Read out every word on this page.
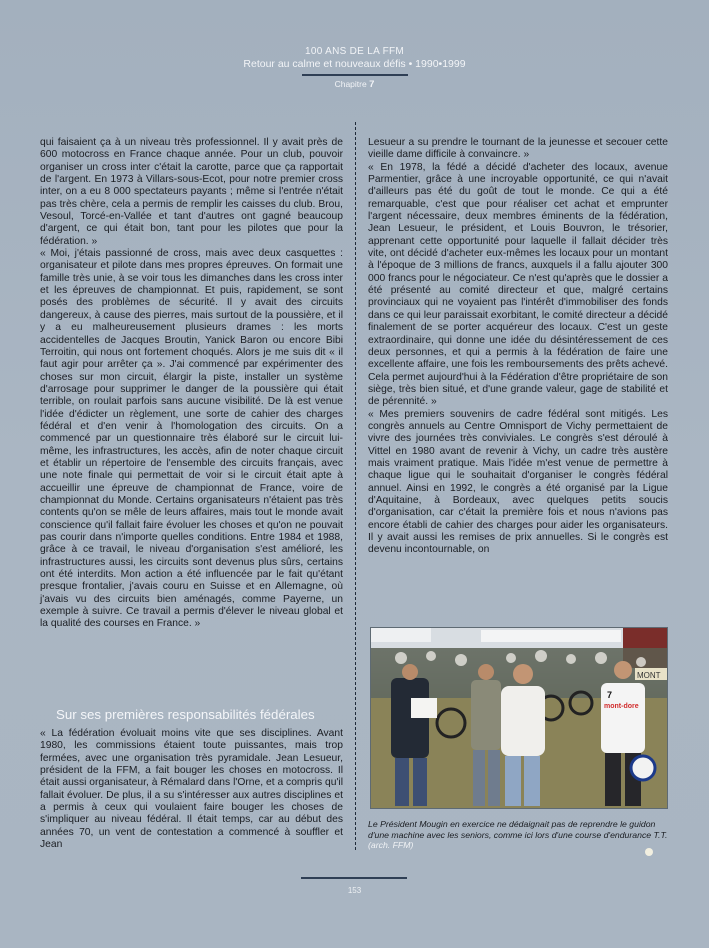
100 ANS DE LA FFM
Retour au calme et nouveaux défis • 1990•1999
Chapitre 7

qui faisaient ça à un niveau très professionnel. Il y avait près de 600 motocross en France chaque année. Pour un club, pouvoir organiser un cross inter c'était la carotte, parce que ça rapportait de l'argent. En 1973 à Villars-sous-Ecot, pour notre premier cross inter, on a eu 8 000 spectateurs payants ; même si l'entrée n'était pas très chère, cela a permis de remplir les caisses du club. Brou, Vesoul, Torcé-en-Vallée et tant d'autres ont gagné beaucoup d'argent, ce qui était bon, tant pour les pilotes que pour la fédération. »

« Moi, j'étais passionné de cross, mais avec deux casquettes : organisateur et pilote dans mes propres épreuves. On formait une famille très unie, à se voir tous les dimanches dans les cross inter et les épreuves de championnat. Et puis, rapidement, se sont posés des problèmes de sécurité. Il y avait des circuits dangereux, à cause des pierres, mais surtout de la poussière, et il y a eu malheureusement plusieurs drames : les morts accidentelles de Jacques Broutin, Yanick Baron ou encore Bibi Terroitin, qui nous ont fortement choqués. Alors je me suis dit « il faut agir pour arrêter ça ». J'ai commencé par expérimenter des choses sur mon circuit, élargir la piste, installer un système d'arrosage pour supprimer le danger de la poussière qui était terrible, on roulait parfois sans aucune visibilité. De là est venue l'idée d'édicter un règlement, une sorte de cahier des charges fédéral et d'en venir à l'homologation des circuits. On a commencé par un questionnaire très élaboré sur le circuit lui-même, les infrastructures, les accès, afin de noter chaque circuit et établir un répertoire de l'ensemble des circuits français, avec une note finale qui permettait de voir si le circuit était apte à accueillir une épreuve de championnat de France, voire de championnat du Monde. Certains organisateurs n'étaient pas très contents qu'on se mêle de leurs affaires, mais tout le monde avait conscience qu'il fallait faire évoluer les choses et qu'on ne pouvait pas courir dans n'importe quelles conditions. Entre 1984 et 1988, grâce à ce travail, le niveau d'organisation s'est amélioré, les infrastructures aussi, les circuits sont devenus plus sûrs, certains ont été interdits. Mon action a été influencée par le fait qu'étant presque frontalier, j'avais couru en Suisse et en Allemagne, où j'avais vu des circuits bien aménagés, comme Payerne, un exemple à suivre. Ce travail a permis d'élever le niveau global et la qualité des courses en France. »

Sur ses premières responsabilités fédérales

« La fédération évoluait moins vite que ses disciplines. Avant 1980, les commissions étaient toute puissantes, mais trop fermées, avec une organisation très pyramidale. Jean Lesueur, président de la FFM, a fait bouger les choses en motocross. Il était aussi organisateur, à Rémalard dans l'Orne, et a compris qu'il fallait évoluer. De plus, il a su s'intéresser aux autres disciplines et a permis à ceux qui voulaient faire bouger les choses de s'impliquer au niveau fédéral. Il était temps, car au début des années 70, un vent de contestation a commencé à souffler et Jean

Lesueur a su prendre le tournant de la jeunesse et secouer cette vieille dame difficile à convaincre. »

« En 1978, la fédé a décidé d'acheter des locaux, avenue Parmentier, grâce à une incroyable opportunité, ce qui n'avait d'ailleurs pas été du goût de tout le monde. Ce qui a été remarquable, c'est que pour réaliser cet achat et emprunter l'argent nécessaire, deux membres éminents de la fédération, Jean Lesueur, le président, et Louis Bouvron, le trésorier, apprenant cette opportunité pour laquelle il fallait décider très vite, ont décidé d'acheter eux-mêmes les locaux pour un montant à l'époque de 3 millions de francs, auxquels il a fallu ajouter 300 000 francs pour le négociateur. Ce n'est qu'après que le dossier a été présenté au comité directeur et que, malgré certains provinciaux qui ne voyaient pas l'intérêt d'immobiliser des fonds dans ce qui leur paraissait exorbitant, le comité directeur a décidé finalement de se porter acquéreur des locaux. C'est un geste extraordinaire, qui donne une idée du désintéressement de ces deux personnes, et qui a permis à la fédération de faire une excellente affaire, une fois les remboursements des prêts achevé. Cela permet aujourd'hui à la Fédération d'être propriétaire de son siège, très bien situé, et d'une grande valeur, gage de stabilité et de pérennité. »

« Mes premiers souvenirs de cadre fédéral sont mitigés. Les congrès annuels au Centre Omnisport de Vichy permettaient de vivre des journées très conviviales. Le congrès s'est déroulé à Vittel en 1980 avant de revenir à Vichy, un cadre très austère mais vraiment pratique. Mais l'idée m'est venue de permettre à chaque ligue qui le souhaitait d'organiser le congrès fédéral annuel. Ainsi en 1992, le congrès a été organisé par la Ligue d'Aquitaine, à Bordeaux, avec quelques petits soucis d'organisation, car c'était la première fois et nous n'avions pas encore établi de cahier des charges pour aider les organisateurs. Il y avait aussi les remises de prix annuelles. Si le congrès est devenu incontournable, on

MONT
7
mont-dore
Le Président Mougin en exercice ne dédaignait pas de reprendre le guidon d'une machine avec les seniors, comme ici lors d'une course d'endurance T.T. (arch. FFM)
153
